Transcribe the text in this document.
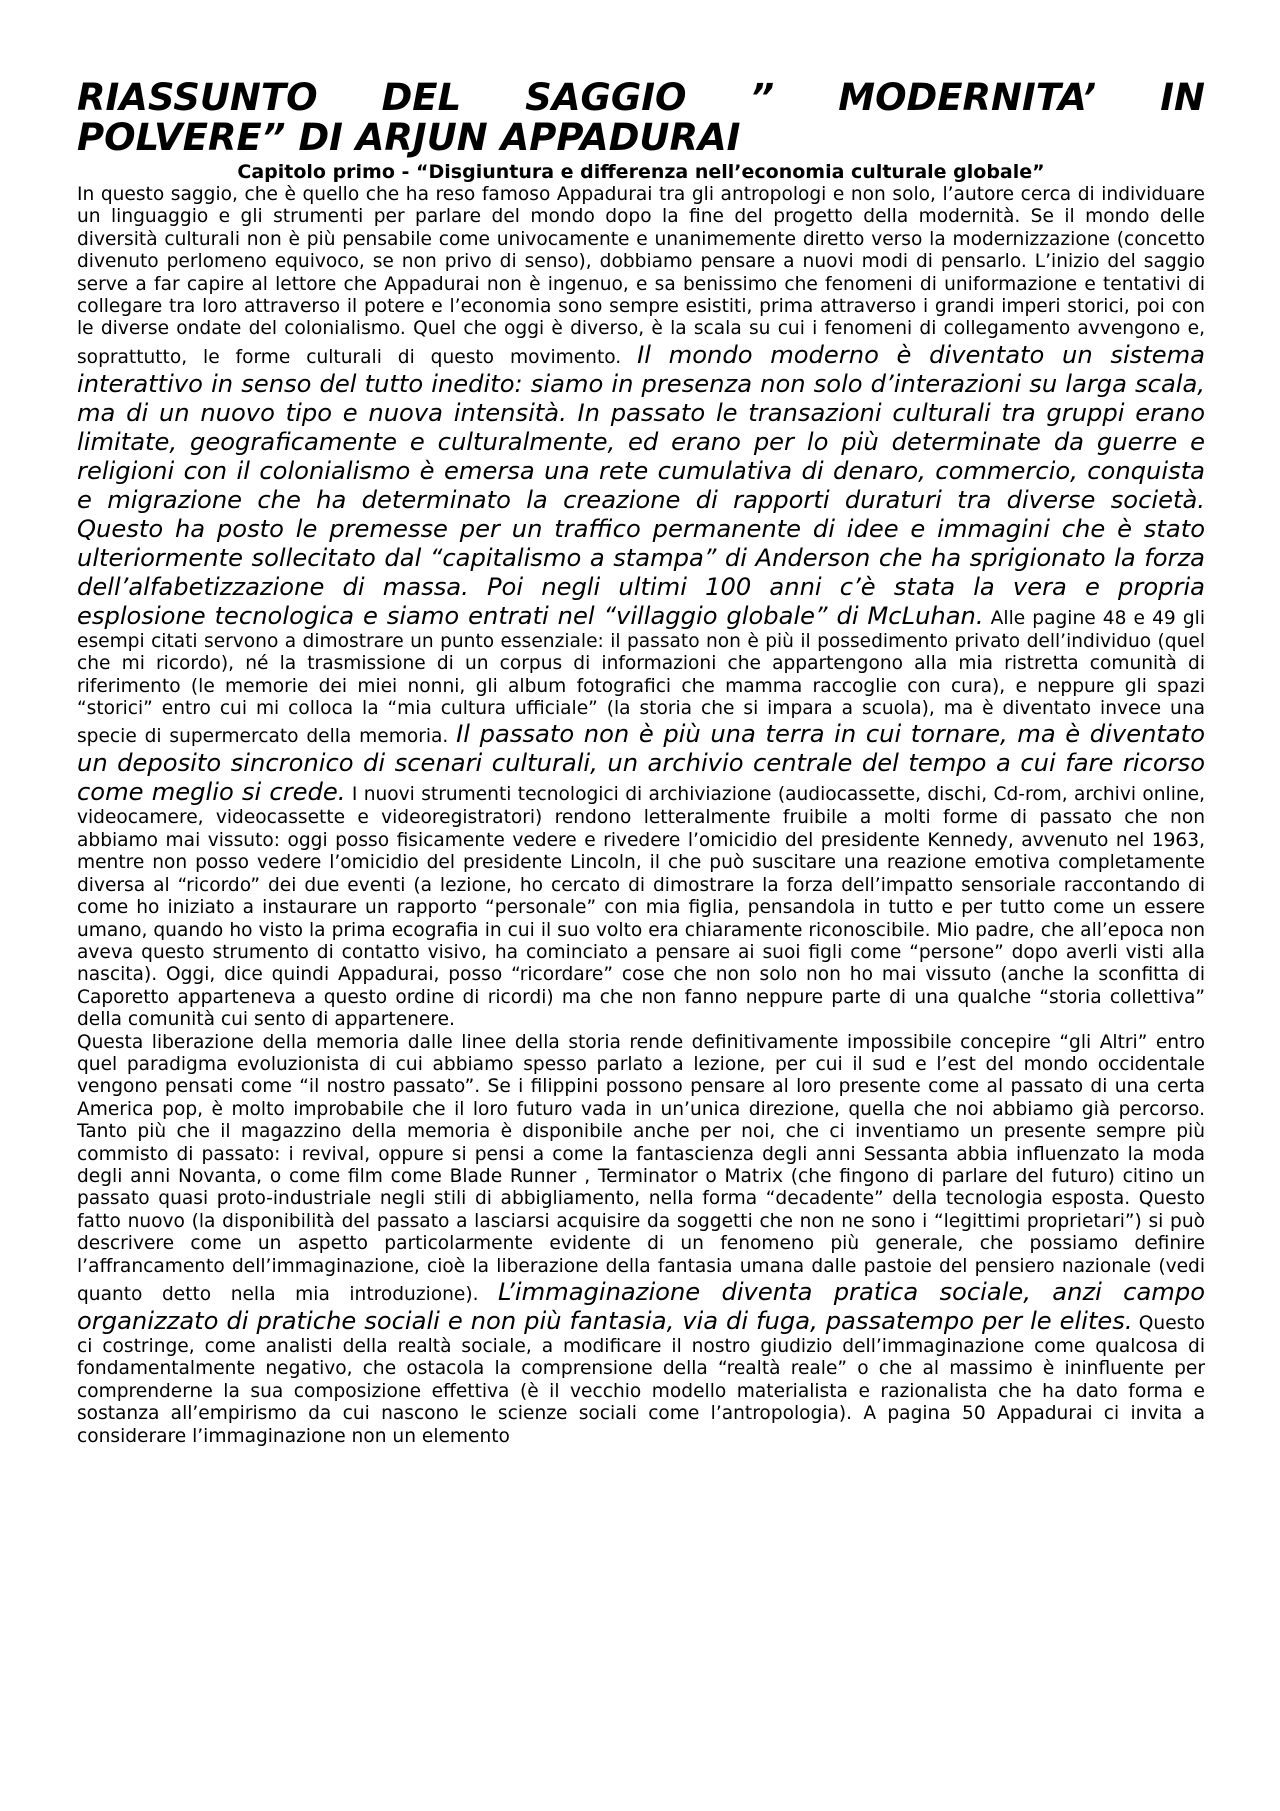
RIASSUNTO DEL SAGGIO ” MODERNITA’ IN
POLVERE” DI ARJUN APPADURAI
Capitolo primo - “Disgiuntura e differenza nell’economia culturale globale”

In questo saggio, che è quello che ha reso famoso Appadurai tra gli antropologi e non solo, l’autore cerca di individuare un linguaggio e gli strumenti per parlare del mondo dopo la fine del progetto della modernità. Se il mondo delle diversità culturali non è più pensabile come univocamente e unanimemente diretto verso la modernizzazione (concetto divenuto perlomeno equivoco, se non privo di senso), dobbiamo pensare a nuovi modi di pensarlo. L’inizio del saggio serve a far capire al lettore che Appadurai non è ingenuo, e sa benissimo che fenomeni di uniformazione e tentativi di collegare tra loro attraverso il potere e l’economia sono sempre esistiti, prima attraverso i grandi imperi storici, poi con le diverse ondate del colonialismo. Quel che oggi è diverso, è la scala su cui i fenomeni di collegamento avvengono e, soprattutto, le forme culturali di questo movimento. Il mondo moderno è diventato un sistema interattivo in senso del tutto inedito: siamo in presenza non solo d’interazioni su larga scala, ma di un nuovo tipo e nuova intensità. In passato le transazioni culturali tra gruppi erano limitate, geograficamente e culturalmente, ed erano per lo più determinate da guerre e religioni con il colonialismo è emersa una rete cumulativa di denaro, commercio, conquista e migrazione che ha determinato la creazione di rapporti duraturi tra diverse società. Questo ha posto le premesse per un traffico permanente di idee e immagini che è stato ulteriormente sollecitato dal “capitalismo a stampa” di Anderson che ha sprigionato la forza dell’alfabetizzazione di massa. Poi negli ultimi 100 anni c’è stata la vera e propria esplosione tecnologica e siamo entrati nel “villaggio globale” di McLuhan. Alle pagine 48 e 49 gli esempi citati servono a dimostrare un punto essenziale: il passato non è più il possedimento privato dell’individuo (quel che mi ricordo), né la trasmissione di un corpus di informazioni che appartengono alla mia ristretta comunità di riferimento (le memorie dei miei nonni, gli album fotografici che mamma raccoglie con cura), e neppure gli spazi “storici” entro cui mi colloca la “mia cultura ufficiale” (la storia che si impara a scuola), ma è diventato invece una specie di supermercato della memoria. Il passato non è più una terra in cui tornare, ma è diventato un deposito sincronico di scenari culturali, un archivio centrale del tempo a cui fare ricorso come meglio si crede. I nuovi strumenti tecnologici di archiviazione (audiocassette, dischi, Cd-rom, archivi online, videocamere, videocassette e videoregistratori) rendono letteralmente fruibile a molti forme di passato che non abbiamo mai vissuto: oggi posso fisicamente vedere e rivedere l’omicidio del presidente Kennedy, avvenuto nel 1963, mentre non posso vedere l’omicidio del presidente Lincoln, il che può suscitare una reazione emotiva completamente diversa al “ricordo” dei due eventi (a lezione, ho cercato di dimostrare la forza dell’impatto sensoriale raccontando di come ho iniziato a instaurare un rapporto “personale” con mia figlia, pensandola in tutto e per tutto come un essere umano, quando ho visto la prima ecografia in cui il suo volto era chiaramente riconoscibile. Mio padre, che all’epoca non aveva questo strumento di contatto visivo, ha cominciato a pensare ai suoi figli come “persone” dopo averli visti alla nascita). Oggi, dice quindi Appadurai, posso “ricordare” cose che non solo non ho mai vissuto (anche la sconfitta di Caporetto apparteneva a questo ordine di ricordi) ma che non fanno neppure parte di una qualche “storia collettiva” della comunità cui sento di appartenere.

Questa liberazione della memoria dalle linee della storia rende definitivamente impossibile concepire “gli Altri” entro quel paradigma evoluzionista di cui abbiamo spesso parlato a lezione, per cui il sud e l’est del mondo occidentale vengono pensati come “il nostro passato”. Se i filippini possono pensare al loro presente come al passato di una certa America pop, è molto improbabile che il loro futuro vada in un’unica direzione, quella che noi abbiamo già percorso. Tanto più che il magazzino della memoria è disponibile anche per noi, che ci inventiamo un presente sempre più commisto di passato: i revival, oppure si pensi a come la fantascienza degli anni Sessanta abbia influenzato la moda degli anni Novanta, o come film come Blade Runner , Terminator o Matrix (che fingono di parlare del futuro) citino un passato quasi proto-industriale negli stili di abbigliamento, nella forma “decadente” della tecnologia esposta. Questo fatto nuovo (la disponibilità del passato a lasciarsi acquisire da soggetti che non ne sono i “legittimi proprietari”) si può descrivere come un aspetto particolarmente evidente di un fenomeno più generale, che possiamo definire l’affrancamento dell’immaginazione, cioè la liberazione della fantasia umana dalle pastoie del pensiero nazionale (vedi quanto detto nella mia introduzione). L’immaginazione diventa pratica sociale, anzi campo organizzato di pratiche sociali e non più fantasia, via di fuga, passatempo per le elites. Questo ci costringe, come analisti della realtà sociale, a modificare il nostro giudizio dell’immaginazione come qualcosa di fondamentalmente negativo, che ostacola la comprensione della “realtà reale” o che al massimo è ininfluente per comprenderne la sua composizione effettiva (è il vecchio modello materialista e razionalista che ha dato forma e sostanza all’empirismo da cui nascono le scienze sociali come l’antropologia). A pagina 50 Appadurai ci invita a considerare l’immaginazione non un elemento
